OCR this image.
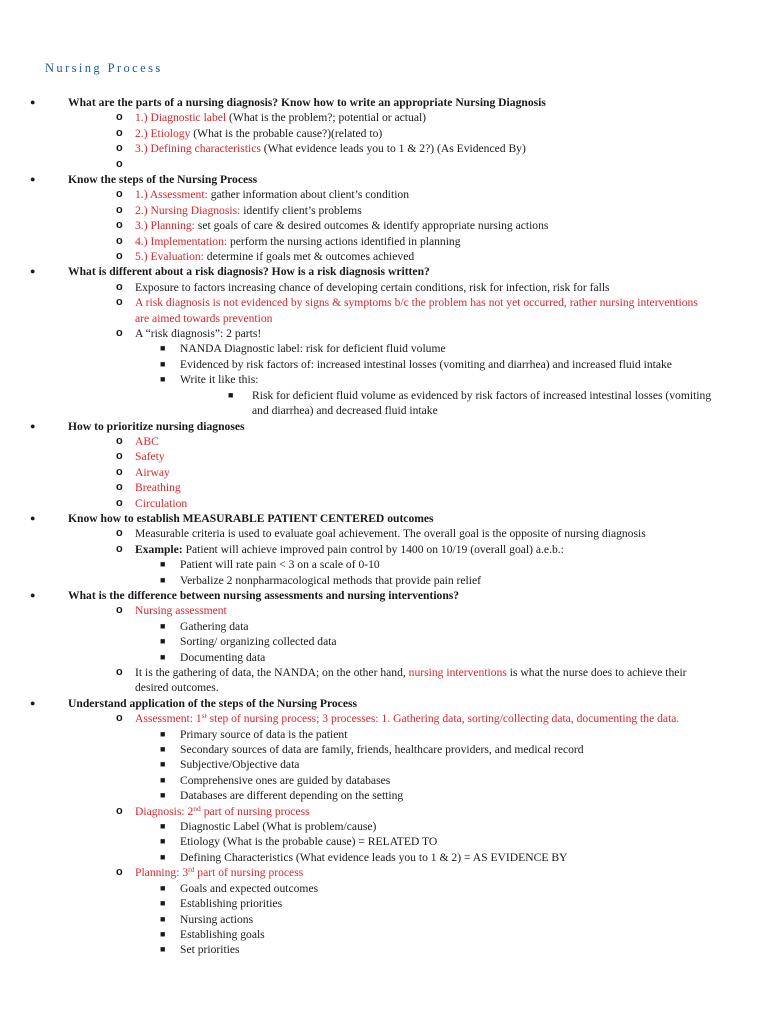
Nursing Process
●	What are the parts of a nursing diagnosis? Know how to write an appropriate Nursing Diagnosis
o 1.) Diagnostic label (What is the problem?; potential or actual)
o 2.) Etiology (What is the probable cause?)(related to)
o 3.) Defining characteristics (What evidence leads you to 1 & 2?) (As Evidenced By)
o
●	Know the steps of the Nursing Process
o 1.) Assessment: gather information about client’s condition
o 2.) Nursing Diagnosis: identify client’s problems
o 3.) Planning: set goals of care & desired outcomes & identify appropriate nursing actions
o 4.) Implementation: perform the nursing actions identified in planning
o 5.) Evaluation: determine if goals met & outcomes achieved
●	What is different about a risk diagnosis? How is a risk diagnosis written?
o Exposure to factors increasing chance of developing certain conditions, risk for infection, risk for falls
o A risk diagnosis is not evidenced by signs & symptoms b/c the problem has not yet occurred, rather nursing interventions are aimed towards prevention
o A “risk diagnosis”: 2 parts!
■ NANDA Diagnostic label: risk for deficient fluid volume
■ Evidenced by risk factors of: increased intestinal losses (vomiting and diarrhea) and increased fluid intake
■ Write it like this:
■ Risk for deficient fluid volume as evidenced by risk factors of increased intestinal losses (vomiting and diarrhea) and decreased fluid intake
●	How to prioritize nursing diagnoses
o ABC
o Safety
o Airway
o Breathing
o Circulation
●	Know how to establish MEASURABLE PATIENT CENTERED outcomes
o Measurable criteria is used to evaluate goal achievement. The overall goal is the opposite of nursing diagnosis
o Example: Patient will achieve improved pain control by 1400 on 10/19 (overall goal) a.e.b.:
■ Patient will rate pain < 3 on a scale of 0-10
■ Verbalize 2 nonpharmacological methods that provide pain relief
●	What is the difference between nursing assessments and nursing interventions?
o Nursing assessment
■ Gathering data
■ Sorting/ organizing collected data
■ Documenting data
o It is the gathering of data, the NANDA; on the other hand, nursing interventions is what the nurse does to achieve their desired outcomes.
●	Understand application of the steps of the Nursing Process
o Assessment: 1st step of nursing process; 3 processes: 1. Gathering data, sorting/collecting data, documenting the data.
■ Primary source of data is the patient
■ Secondary sources of data are family, friends, healthcare providers, and medical record
■ Subjective/Objective data
■ Comprehensive ones are guided by databases
■ Databases are different depending on the setting
o Diagnosis: 2nd part of nursing process
■ Diagnostic Label (What is problem/cause)
■ Etiology (What is the probable cause) = RELATED TO
■ Defining Characteristics (What evidence leads you to 1 & 2) = AS EVIDENCE BY
o Planning: 3rd part of nursing process
■ Goals and expected outcomes
■ Establishing priorities
■ Nursing actions
■ Establishing goals
■ Set priorities
